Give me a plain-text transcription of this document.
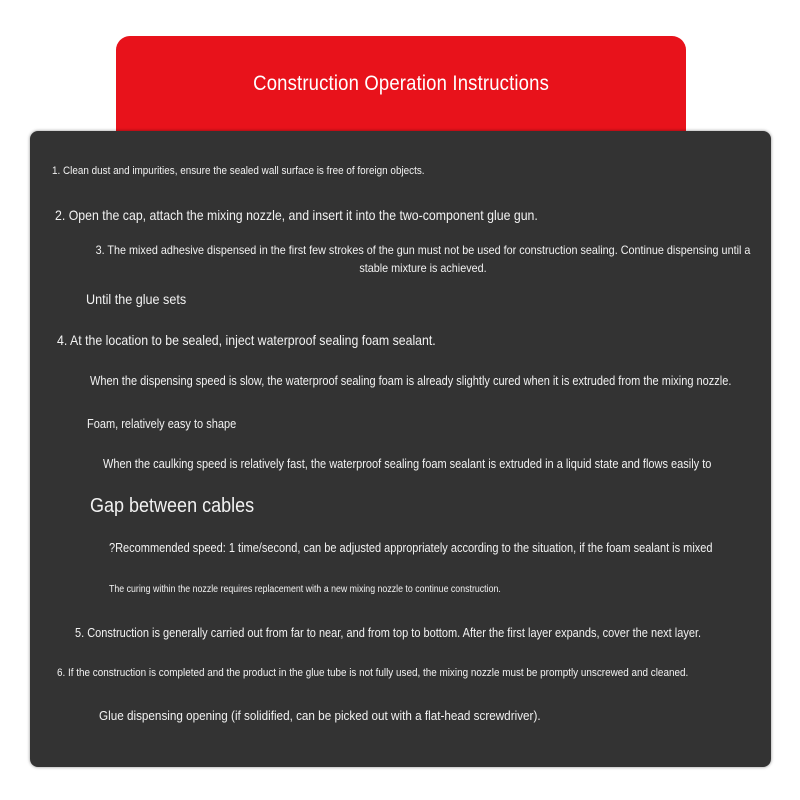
Construction Operation Instructions
1. Clean dust and impurities, ensure the sealed wall surface is free of foreign objects.
2. Open the cap, attach the mixing nozzle, and insert it into the two-component glue gun.
3. The mixed adhesive dispensed in the first few strokes of the gun must not be used for construction sealing. Continue dispensing until a stable mixture is achieved.
Until the glue sets
4. At the location to be sealed, inject waterproof sealing foam sealant.
When the dispensing speed is slow, the waterproof sealing foam is already slightly cured when it is extruded from the mixing nozzle.
Foam, relatively easy to shape
When the caulking speed is relatively fast, the waterproof sealing foam sealant is extruded in a liquid state and flows easily to
Gap between cables
?Recommended speed: 1 time/second, can be adjusted appropriately according to the situation, if the foam sealant is mixed
The curing within the nozzle requires replacement with a new mixing nozzle to continue construction.
5. Construction is generally carried out from far to near, and from top to bottom. After the first layer expands, cover the next layer.
6. If the construction is completed and the product in the glue tube is not fully used, the mixing nozzle must be promptly unscrewed and cleaned.
Glue dispensing opening (if solidified, can be picked out with a flat-head screwdriver).
